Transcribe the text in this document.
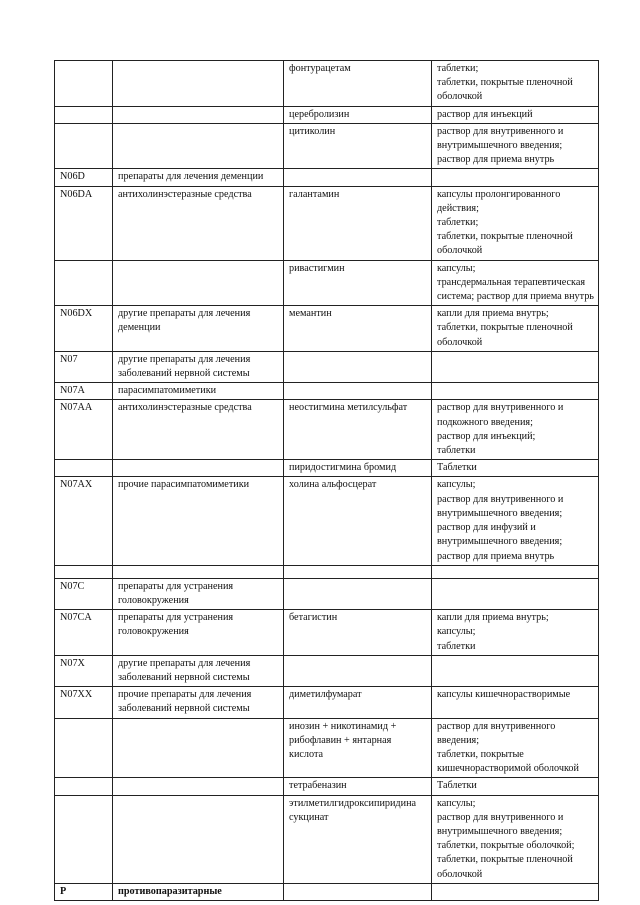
		фонтурацетам	таблетки;
таблетки, покрытые пленочной оболочкой
		церебролизин	раствор для инъекций
		цитиколин	раствор для внутривенного и внутримышечного введения; раствор для приема внутрь
N06D	препараты для лечения деменции		
N06DA	антихолинэстеразные средства	галантамин	капсулы пролонгированного действия;
таблетки;
таблетки, покрытые пленочной оболочкой
		ривастигмин	капсулы;
трансдермальная терапевтическая система; раствор для приема внутрь
N06DX	другие препараты для лечения деменции	мемантин	капли для приема внутрь;
таблетки, покрытые пленочной оболочкой
N07	другие препараты для лечения заболеваний нервной системы		
N07A	парасимпатомиметики		
N07AA	антихолинэстеразные средства	неостигмина метилсульфат	раствор для внутривенного и подкожного введения;
раствор для инъекций;
таблетки
		пиридостигмина бромид	Таблетки
N07AX	прочие парасимпатомиметики	холина альфосцерат	капсулы;
раствор для внутривенного и внутримышечного введения;
раствор для инфузий и внутримышечного введения;
раствор для приема внутрь

N07C	препараты для устранения головокружения		
N07CA	препараты для устранения головокружения	бетагистин	капли для приема внутрь;
капсулы;
таблетки
N07X	другие препараты для лечения заболеваний нервной системы		
N07XX	прочие препараты для лечения заболеваний нервной системы	диметилфумарат	капсулы кишечнорастворимые
		инозин + никотинамид + рибофлавин + янтарная кислота	раствор для внутривенного введения;
таблетки, покрытые кишечнорастворимой оболочкой
		тетрабеназин	Таблетки
		этилметилгидроксипиридина сукцинат	капсулы;
раствор для внутривенного и внутримышечного введения;
таблетки, покрытые оболочкой;
таблетки, покрытые пленочной оболочкой
P	противопаразитарные		
